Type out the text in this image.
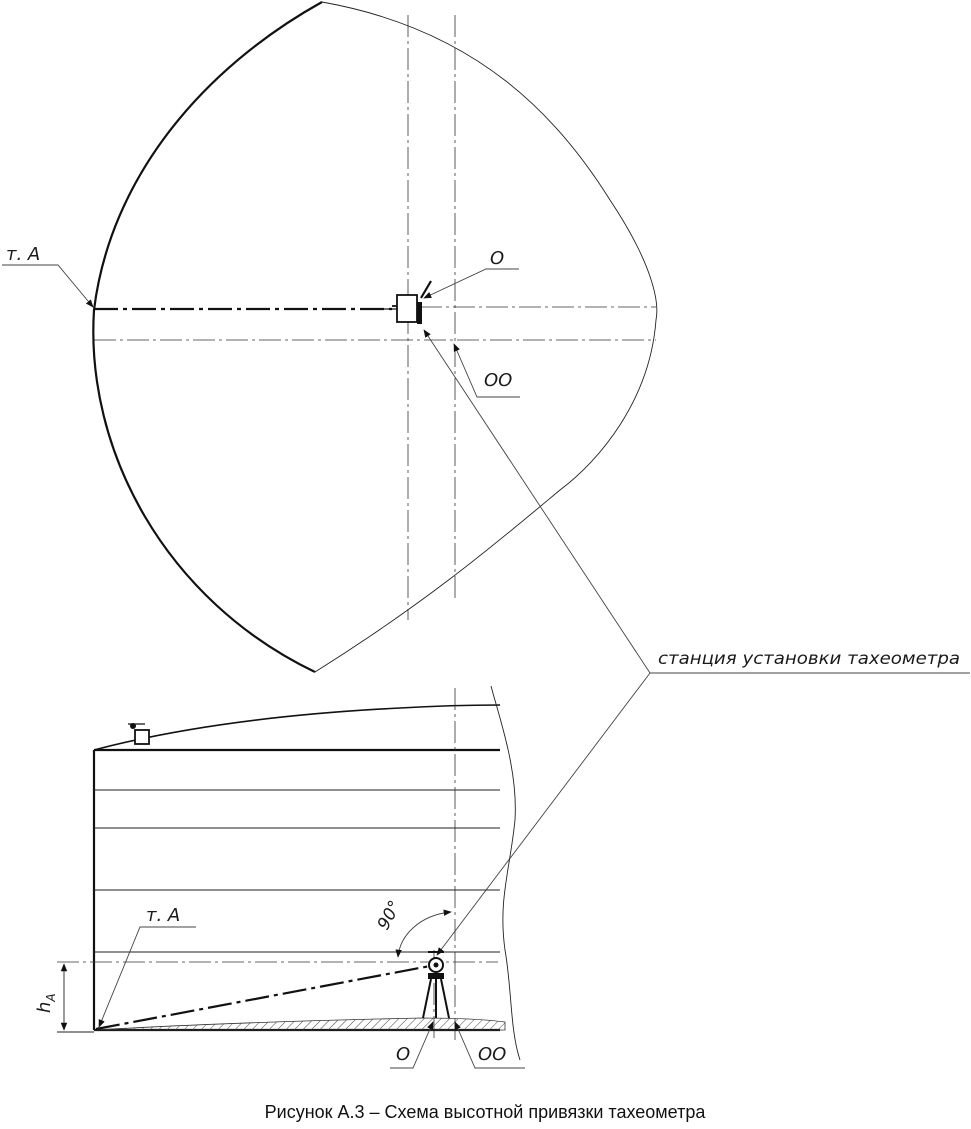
т. А	О
ОО
станция установки тахеометра
90°
$h_A$
т. А
О	ОО
Рисунок А.3 – Схема высотной привязки тахеометра
